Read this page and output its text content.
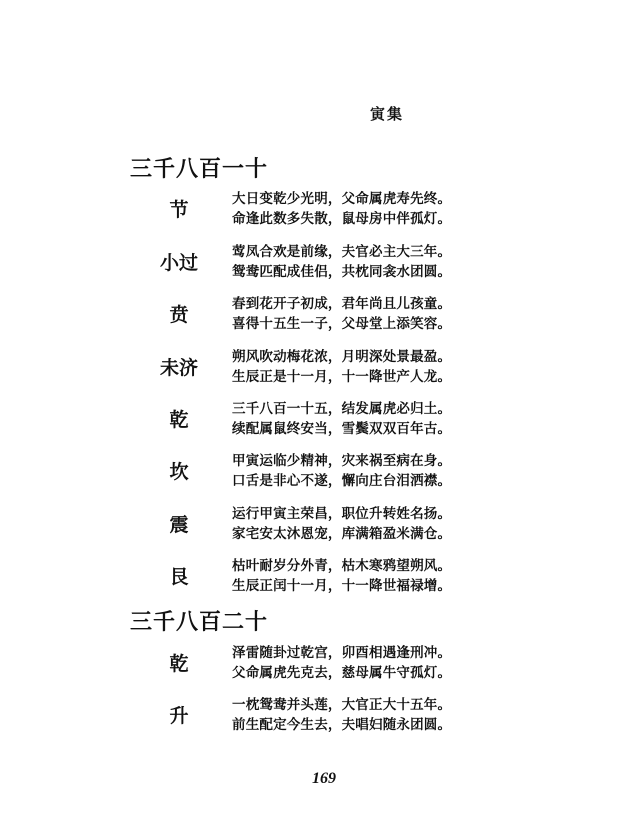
寅集
三千八百一十
节	大日变乾少光明，父命属虎寿先终。
命逢此数多失散，鼠母房中伴孤灯。
小过	莺凤合欢是前缘，夫官必主大三年。
鸳鸯匹配成佳侣，共枕同衾水团圆。
贲	春到花开子初成，君年尚且儿孩童。
喜得十五生一子，父母堂上添笑容。
未济	朔风吹动梅花浓，月明深处景最盈。
生辰正是十一月，十一降世产人龙。
乾	三千八百一十五，结发属虎必归土。
续配属鼠终安当，雪鬓双双百年古。
坎	甲寅运临少精神，灾来祸至病在身。
口舌是非心不遂，懈向庄台泪洒襟。
震	运行甲寅主荣昌，职位升转姓名扬。
家宅安太沐恩宠，库满箱盈米满仓。
艮	枯叶耐岁分外青，枯木寒鸦望朔风。
生辰正闰十一月，十一降世福禄增。
三千八百二十
乾	泽雷随卦过乾宫，卯酉相遇逢刑冲。
父命属虎先克去，慈母属牛守孤灯。
升	一枕鸳鸯并头莲，大官正大十五年。
前生配定今生去，夫唱妇随永团圆。
169
